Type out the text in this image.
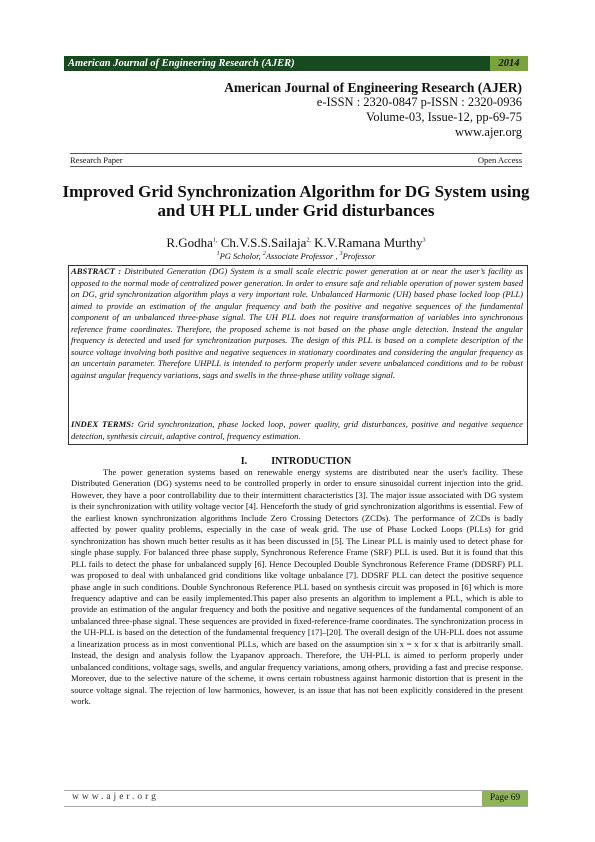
American Journal of Engineering Research (AJER)	2014
American Journal of Engineering Research (AJER)
e-ISSN : 2320-0847 p-ISSN : 2320-0936
Volume-03, Issue-12, pp-69-75
www.ajer.org
Research Paper	Open Access
Improved Grid Synchronization Algorithm for DG System using and UH PLL under Grid disturbances
R.Godha$^{1,}$ Ch.V.S.S.Sailaja$^{2,}$ K.V.Ramana Murthy$^3$
$^1$PG Scholor, $^2$Associate Professor , $^3$Professor
ABSTRACT : Distributed Generation (DG) System is a small scale electric power generation at or near the user’s facility as opposed to the normal mode of centralized power generation. In order to ensure safe and reliable operation of power system based on DG, grid synchronization algorithm plays a very important role. Unbalanced Harmonic (UH) based phase locked loop (PLL) aimed to provide an estimation of the angular frequency and both the positive and negative sequences of the fundamental component of an unbalanced three-phase signal. The UH PLL does not require transformation of variables into synchronous reference frame coordinates. Therefore, the proposed scheme is not based on the phase angle detection. Instead the angular frequency is detected and used for synchronization purposes. The design of this PLL is based on a complete description of the source voltage involving both positive and negative sequences in stationary coordinates and considering the angular frequency as an uncertain parameter. Therefore UHPLL is intended to perform properly under severe unbalanced conditions and to be robust against angular frequency variations, sags and swells in the three-phase utility voltage signal.
INDEX TERMS: Grid synchronization, phase locked loop, power quality, grid disturbances, positive and negative sequence detection, synthesis circuit, adaptive control, frequency estimation.
I. INTRODUCTION
The power generation systems based on renewable energy systems are distributed near the user's facility. These Distributed Generation (DG) systems need to be controlled properly in order to ensure sinusoidal current injection into the grid. However, they have a poor controllability due to their intermittent characteristics [3]. The major issue associated with DG system is their synchronization with utility voltage vector [4]. Henceforth the study of grid synchronization algorithms is essential. Few of the earliest known synchronization algorithms Include Zero Crossing Detectors (ZCDs). The performance of ZCDs is badly affected by power quality problems, especially in the case of weak grid. The use of Phase Locked Loops (PLLs) for grid synchronization has shown much better results as it has been discussed in [5]. The Linear PLL is mainly used to detect phase for single phase supply. For balanced three phase supply, Synchronous Reference Frame (SRF) PLL is used. But it is found that this PLL fails to detect the phase for unbalanced supply [6]. Hence Decoupled Double Synchronous Reference Frame (DDSRF) PLL was proposed to deal with unbalanced grid conditions like voltage unbalance [7]. DDSRF PLL can detect the positive sequence phase angle in such conditions. Double Synchronous Reference PLL based on synthesis circuit was proposed in [6] which is more frequency adaptive and can be easily implemented.This paper also presents an algorithm to implement a PLL, which is able to provide an estimation of the angular frequency and both the positive and negative sequences of the fundamental component of an unbalanced three-phase signal. These sequences are provided in fixed-reference-frame coordinates. The synchronization process in the UH-PLL is based on the detection of the fundamental frequency [17]–[20]. The overall design of the UH-PLL does not assume a linearization process as in most conventional PLLs, which are based on the assumption sin x = x for x that is arbitrarily small. Instead, the design and analysis follow the Lyapanov approach. Therefore, the UH-PLL is aimed to perform properly under unbalanced conditions, voltage sags, swells, and angular frequency variations, among others, providing a fast and precise response. Moreover, due to the selective nature of the scheme, it owns certain robustness against harmonic distortion that is present in the source voltage signal. The rejection of low harmonics, however, is an issue that has not been explicitly considered in the present work.
www.ajer.org	Page 69
